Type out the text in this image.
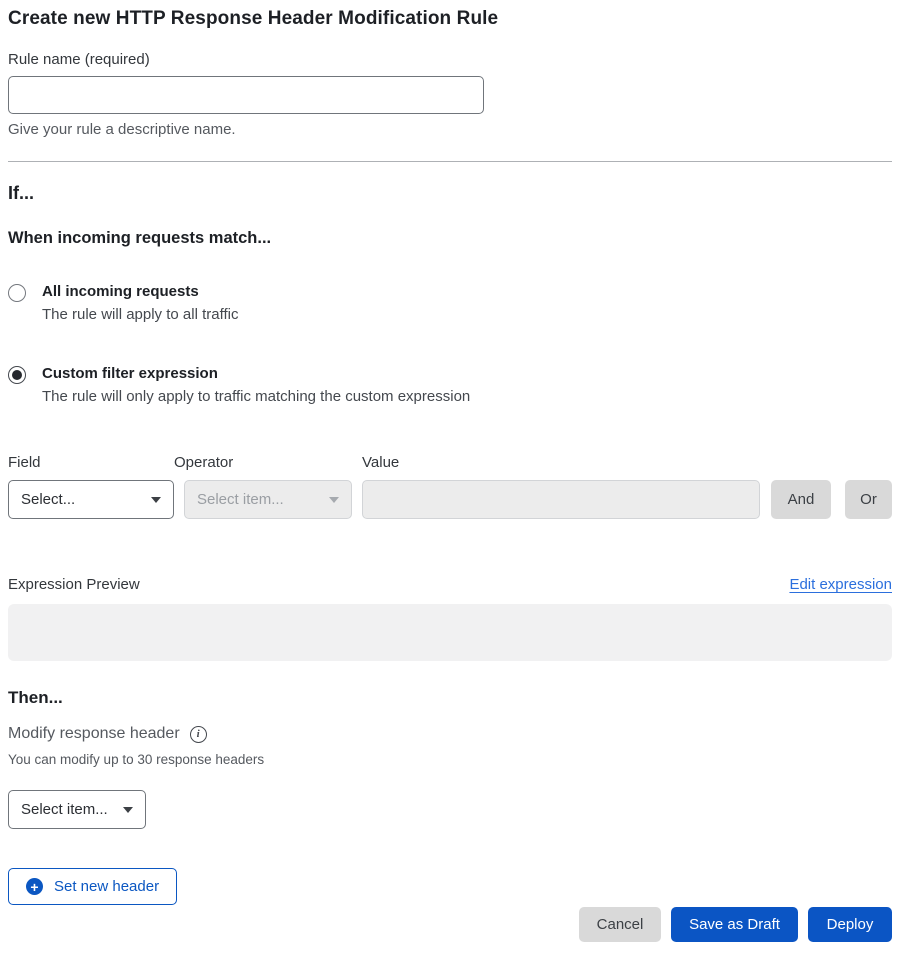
Create new HTTP Response Header Modification Rule
Rule name (required)
Give your rule a descriptive name.
If...
When incoming requests match...
All incoming requests
The rule will apply to all traffic
Custom filter expression
The rule will only apply to traffic matching the custom expression
Field
Select...
Operator
Select item...
Value
And	Or
Expression Preview	Edit expression
Then...
Modify response header	i
You can modify up to 30 response headers
Select item...
+ Set new header
Cancel	Save as Draft	Deploy
